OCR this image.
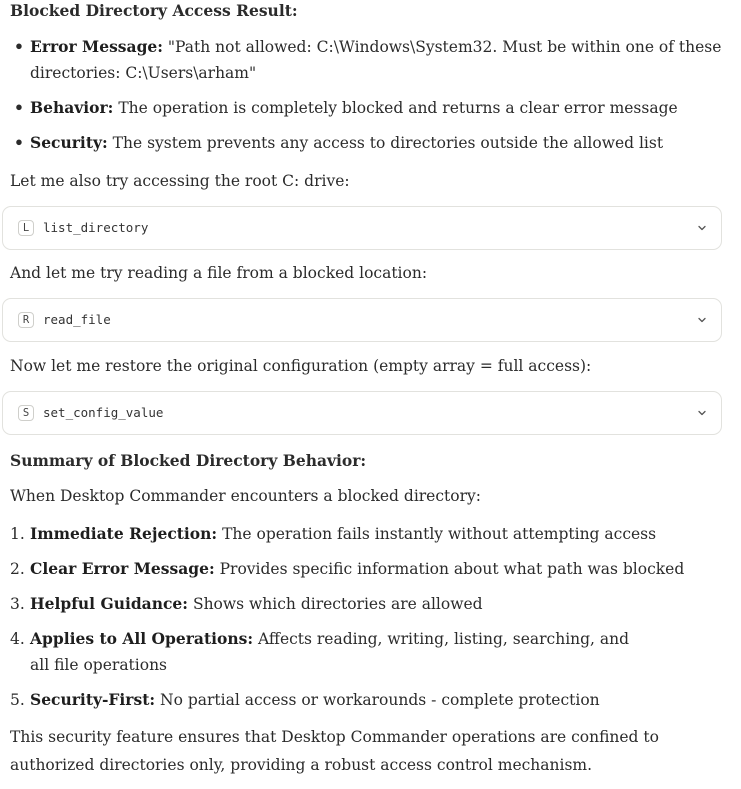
Blocked Directory Access Result:
• Error Message: "Path not allowed: C:\Windows\System32. Must be within one of these directories: C:\Users\arham"
• Behavior: The operation is completely blocked and returns a clear error message
• Security: The system prevents any access to directories outside the allowed list

Let me also try accessing the root C: drive:

L	list_directory

And let me try reading a file from a blocked location:

R	read_file

Now let me restore the original configuration (empty array = full access):

S	set_config_value
Summary of Blocked Directory Behavior:

When Desktop Commander encounters a blocked directory:

1. Immediate Rejection: The operation fails instantly without attempting access
2. Clear Error Message: Provides specific information about what path was blocked
3. Helpful Guidance: Shows which directories are allowed
4. Applies to All Operations: Affects reading, writing, listing, searching, and all file operations
5. Security-First: No partial access or workarounds - complete protection

This security feature ensures that Desktop Commander operations are confined to authorized directories only, providing a robust access control mechanism.
